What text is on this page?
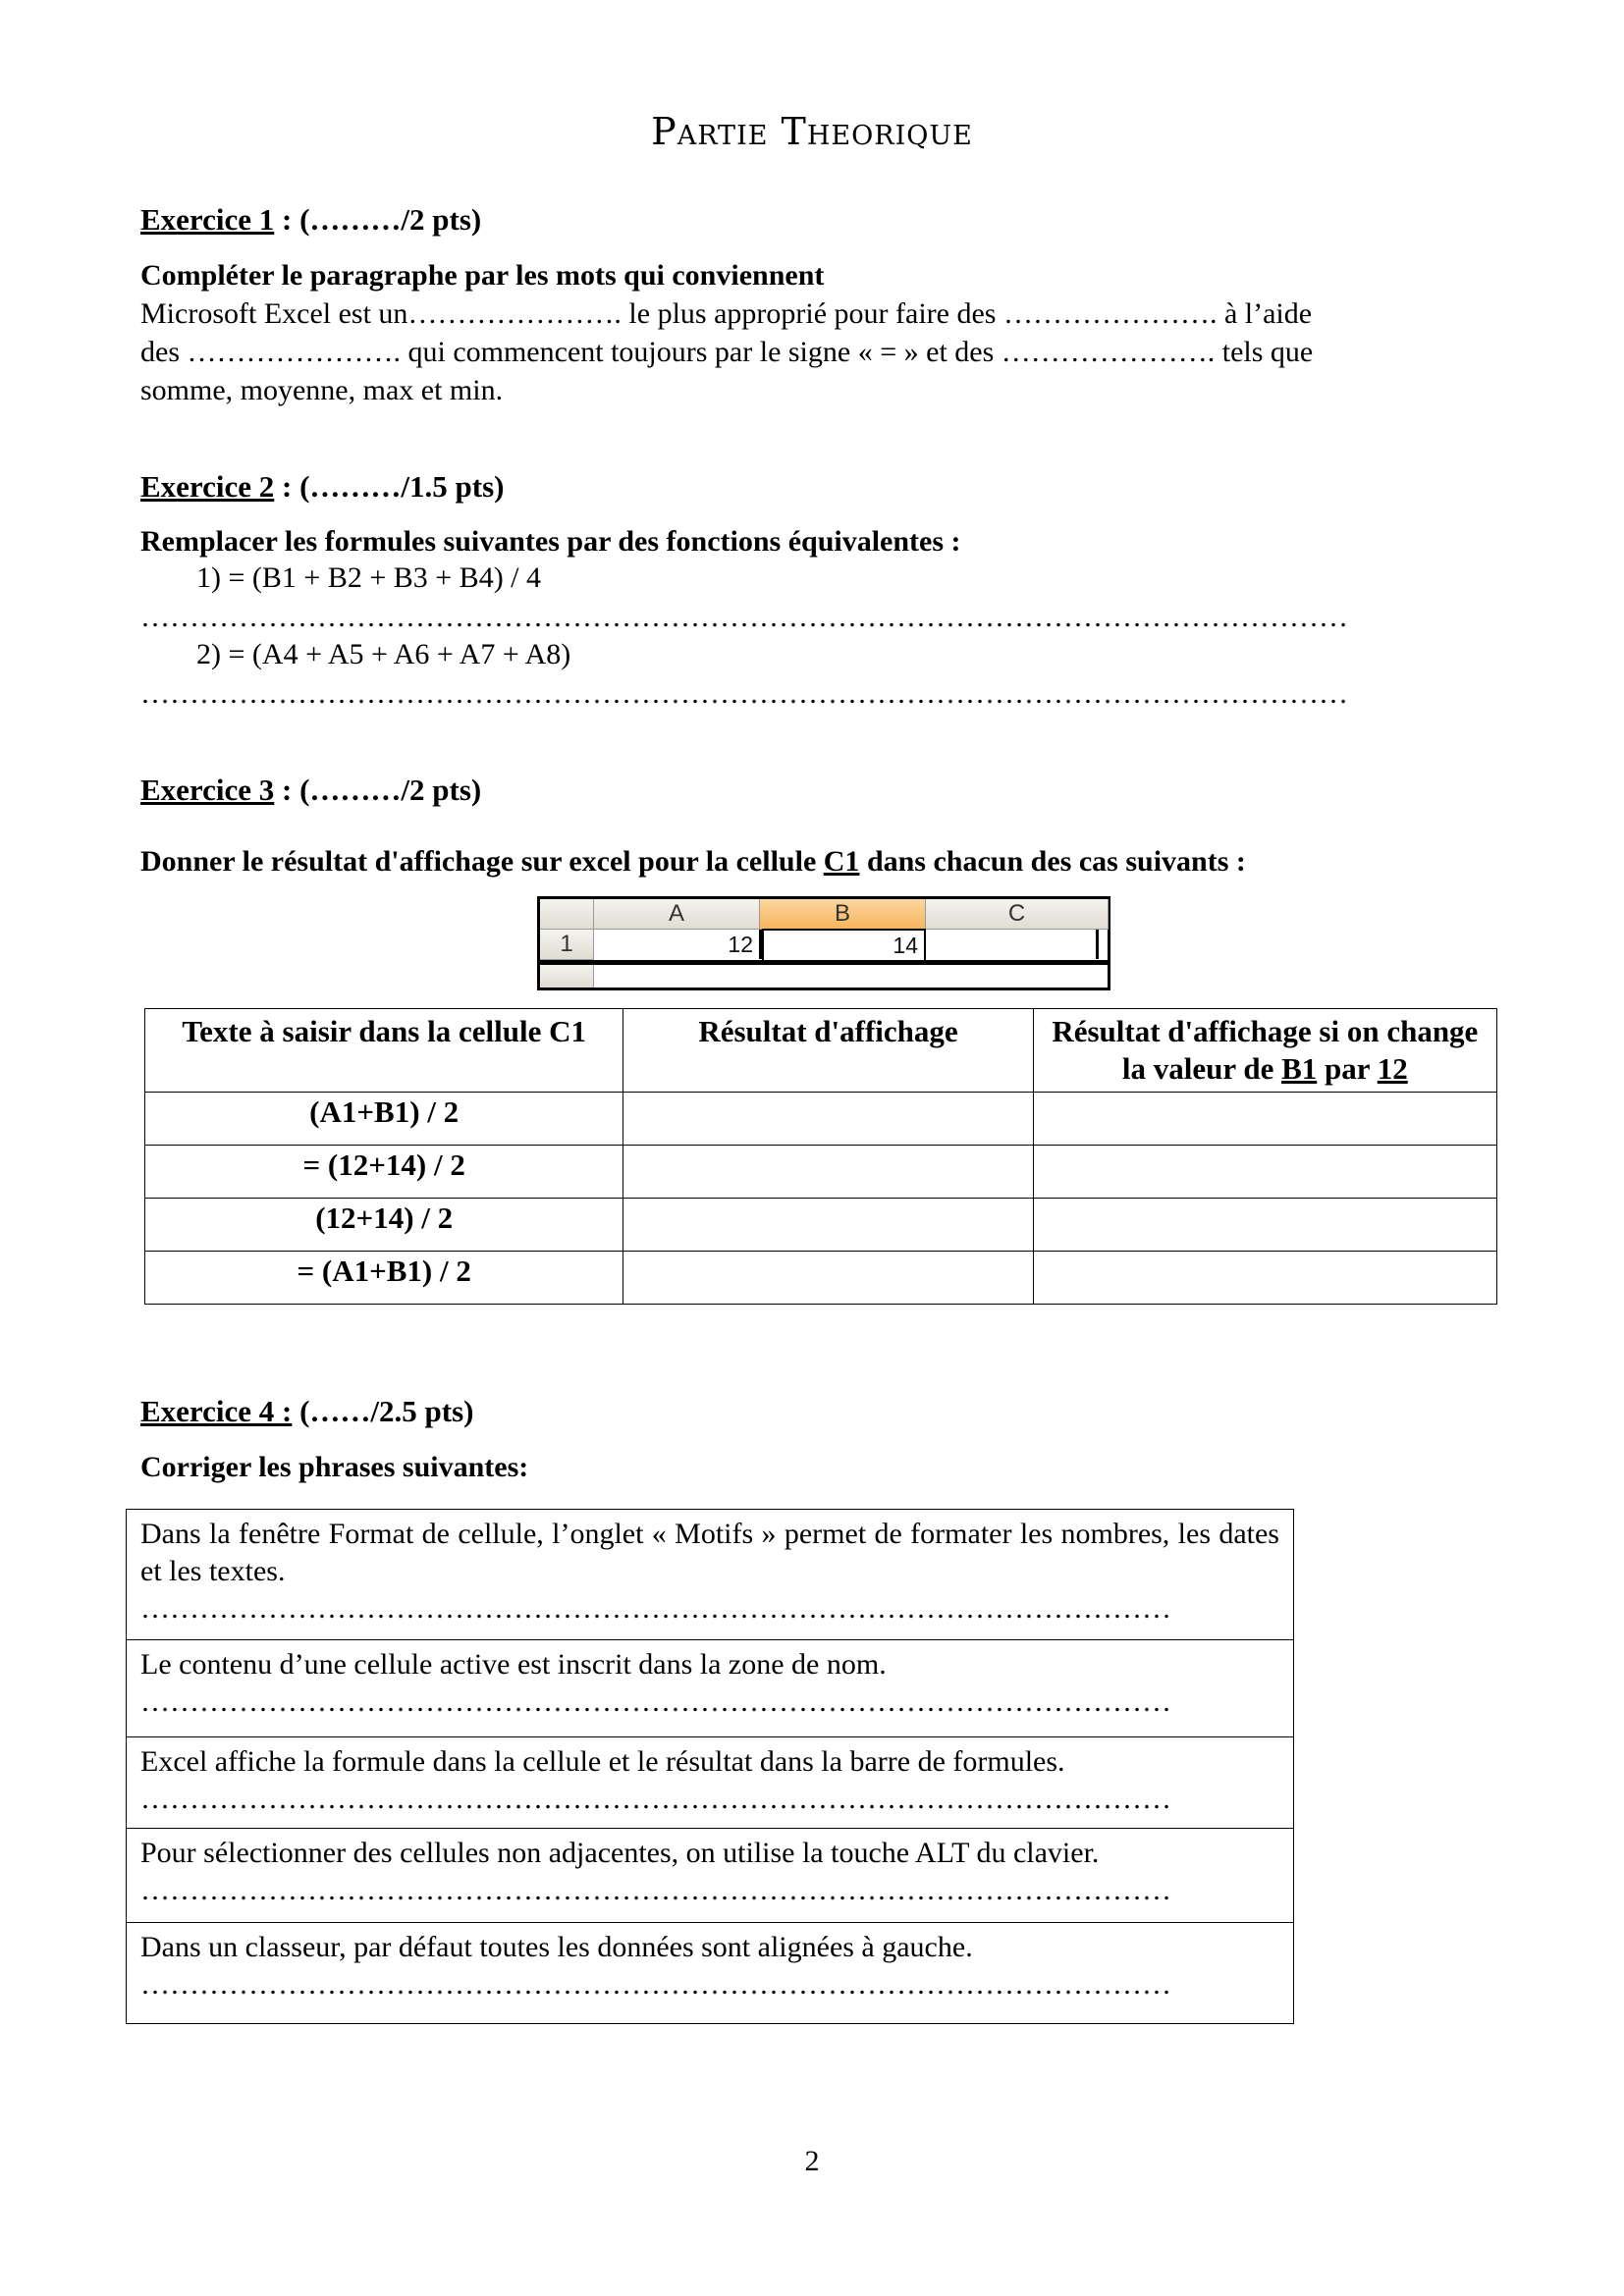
Partie Theorique
Exercice 1 : (………/2 pts)
Compléter le paragraphe par les mots qui conviennent
Microsoft Excel est un…………………. le plus approprié pour faire des …………………. à l’aide
des …………………. qui commencent toujours par le signe « = » et des …………………. tels que
somme, moyenne, max et min.
Exercice 2 : (………/1.5 pts)
Remplacer les formules suivantes par des fonctions équivalentes :
1) = (B1 + B2 + B3 + B4) / 4
……………………………………………………………………………………………………………
2) = (A4 + A5 + A6 + A7 + A8)
……………………………………………………………………………………………………………
Exercice 3 : (………/2 pts)
Donner le résultat d'affichage sur excel pour la cellule C1 dans chacun des cas suivants :
A	B	C
1	12	14
Texte à saisir dans la cellule C1	Résultat d'affichage	Résultat d'affichage si on change la valeur de B1 par 12
(A1+B1) / 2		
= (12+14) / 2		
(12+14) / 2		
= (A1+B1) / 2		
Exercice 4 : (……/2.5 pts)
Corriger les phrases suivantes:
Dans la fenêtre Format de cellule, l’onglet « Motifs » permet de formater les nombres, les dates et les textes.
……………………………………………………………………………………………

Le contenu d’une cellule active est inscrit dans la zone de nom.
……………………………………………………………………………………………

Excel affiche la formule dans la cellule et le résultat dans la barre de formules.
……………………………………………………………………………………………

Pour sélectionner des cellules non adjacentes, on utilise la touche ALT du clavier.
……………………………………………………………………………………………

Dans un classeur, par défaut toutes les données sont alignées à gauche.
……………………………………………………………………………………………
2
